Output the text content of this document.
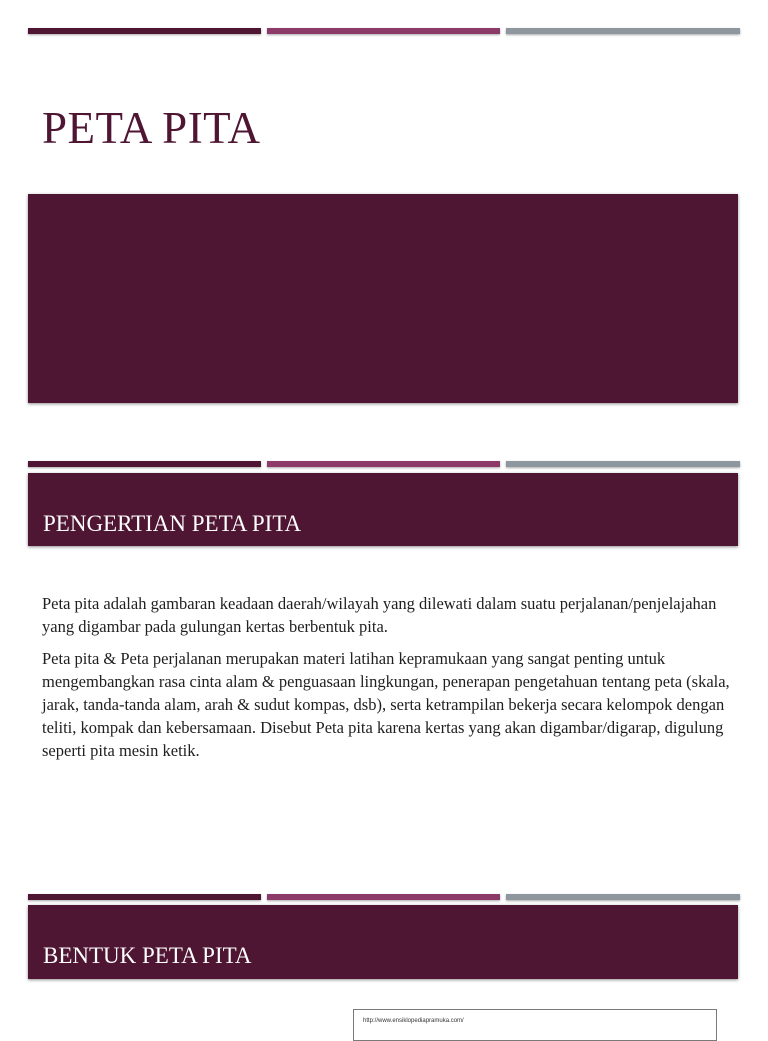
PETA PITA
PENGERTIAN PETA PITA

Peta pita adalah gambaran keadaan daerah/wilayah yang dilewati dalam suatu perjalanan/penjelajahan yang digambar pada gulungan kertas berbentuk pita.

Peta pita & Peta perjalanan merupakan materi latihan kepramukaan yang sangat penting untuk mengembangkan rasa cinta alam & penguasaan lingkungan, penerapan pengetahuan tentang peta (skala, jarak, tanda-tanda alam, arah & sudut kompas, dsb), serta ketrampilan bekerja secara kelompok dengan teliti, kompak dan kebersamaan. Disebut Peta pita karena kertas yang akan digambar/digarap, digulung seperti pita mesin ketik.

BENTUK PETA PITA
http://www.ensiklopediapramuka.com/
